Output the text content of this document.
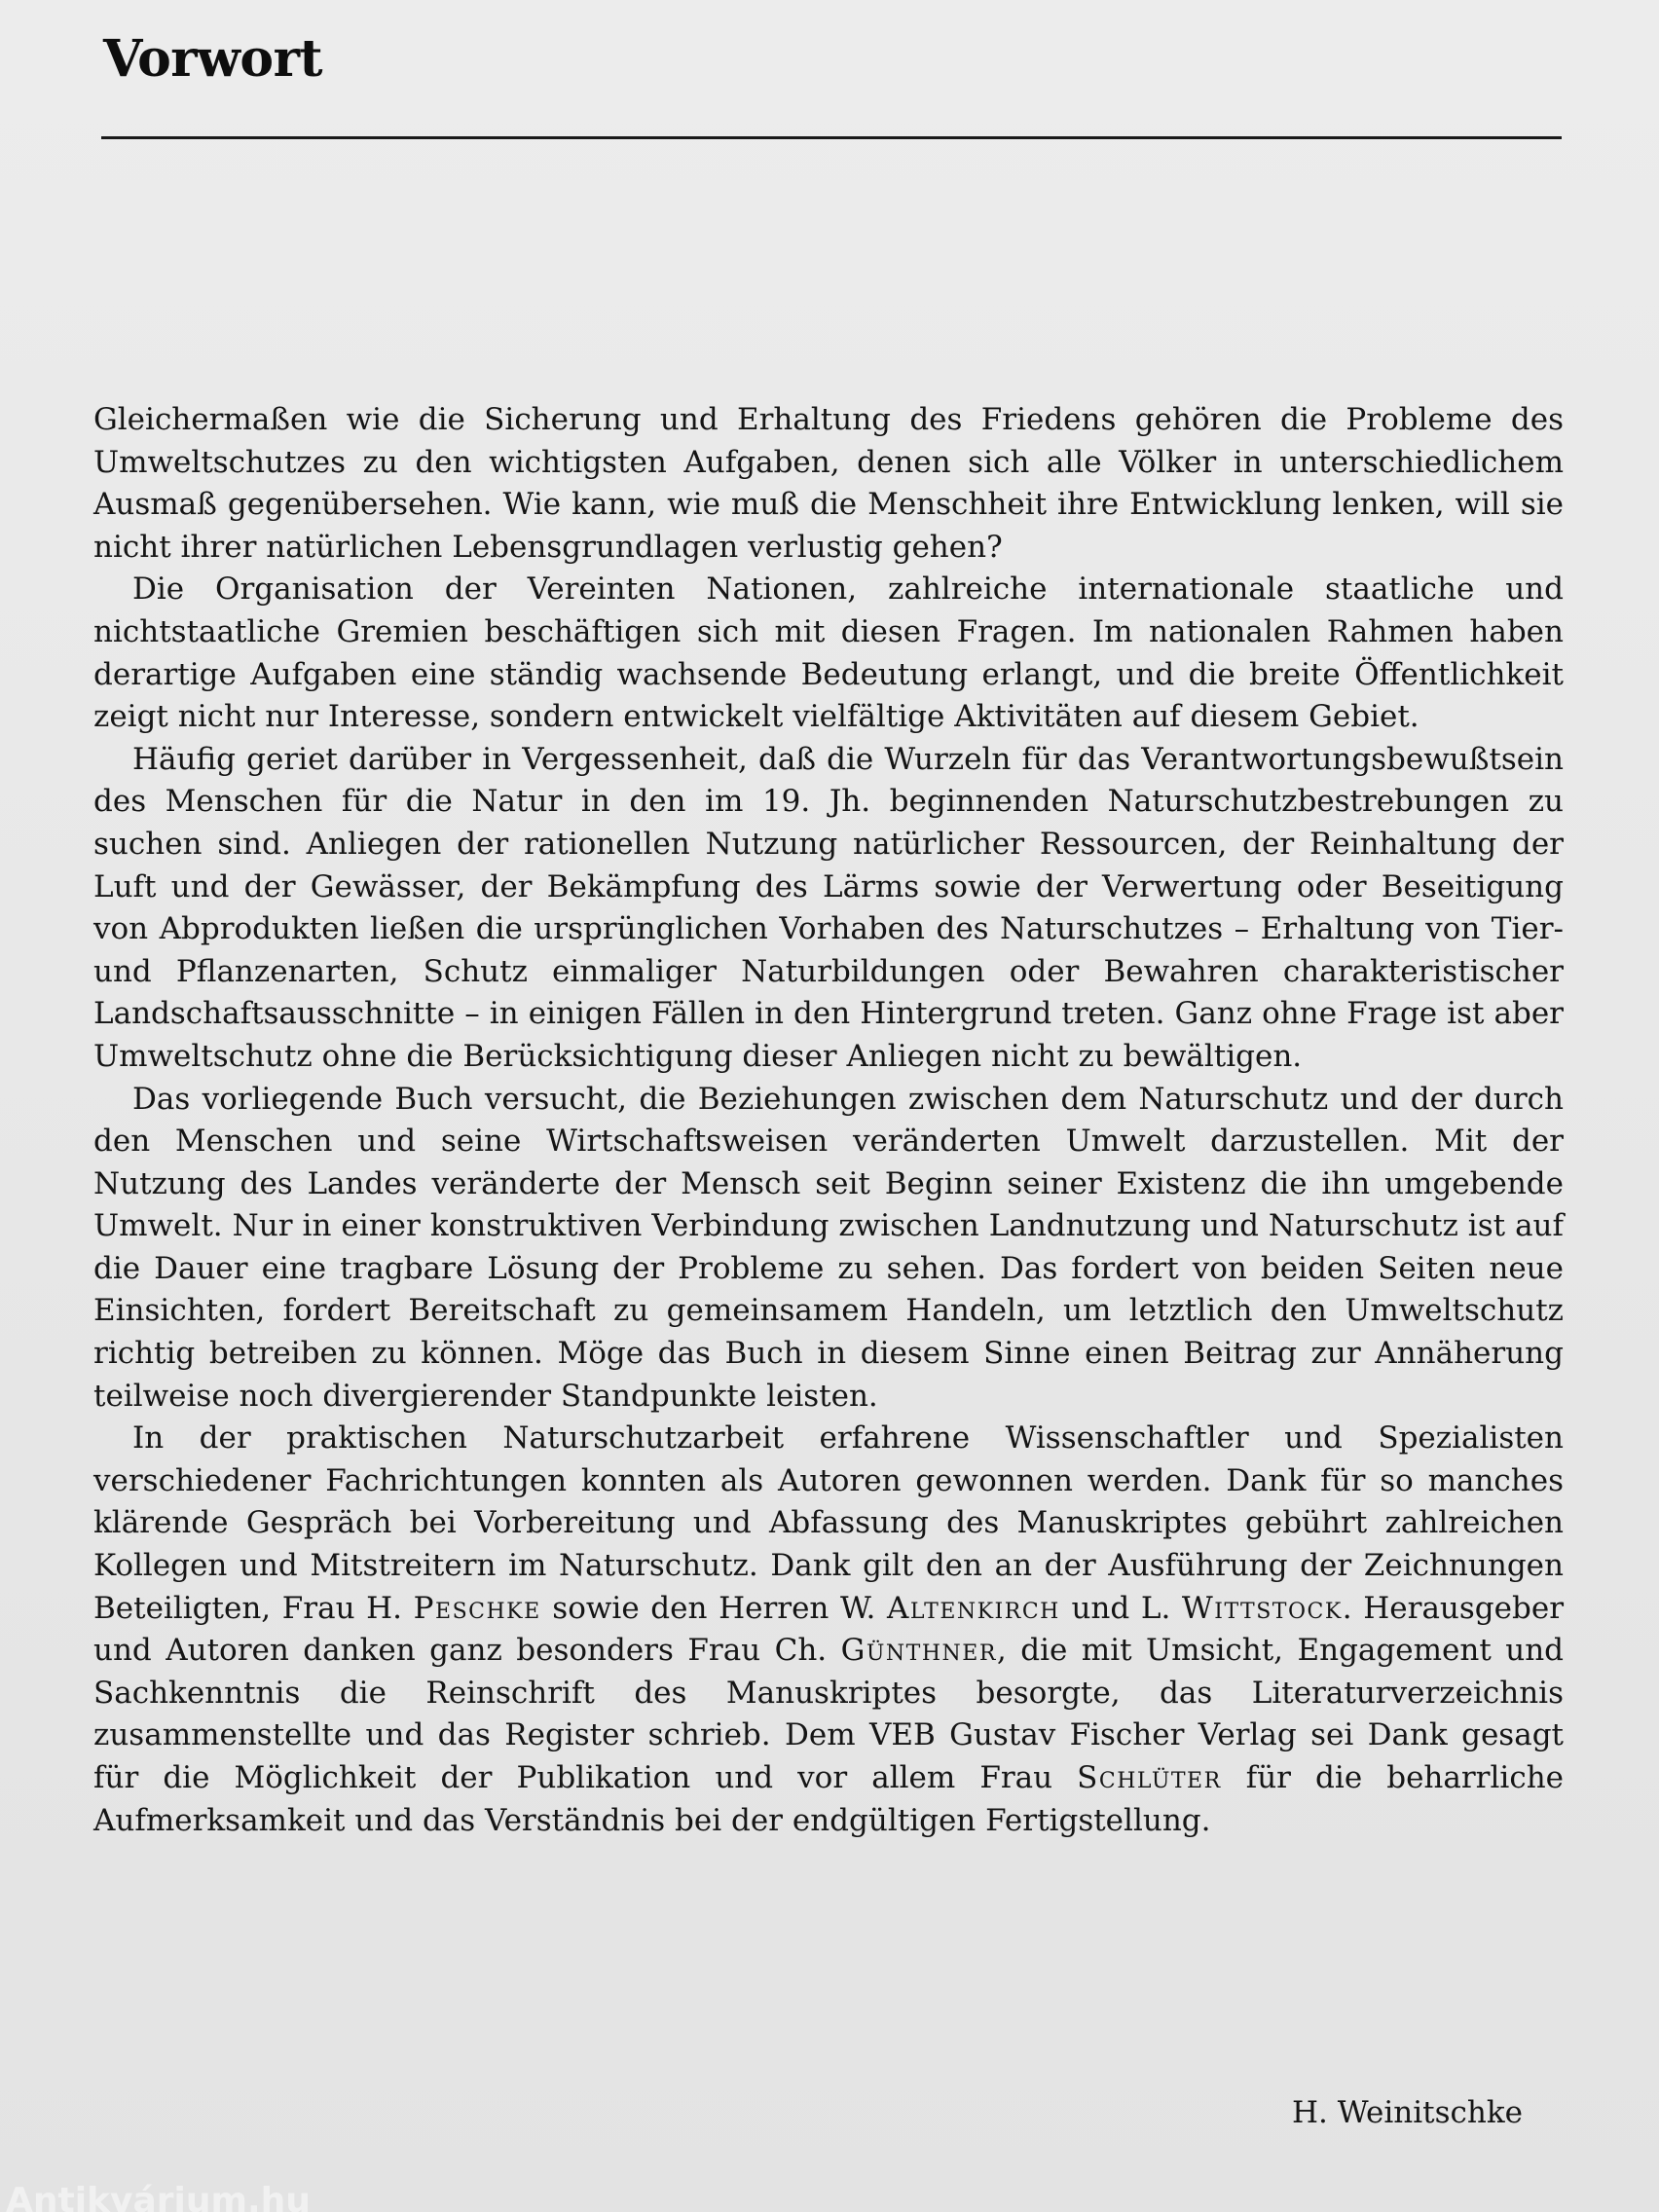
Vorwort

Gleichermaßen wie die Sicherung und Erhaltung des Friedens gehören die Probleme des Umweltschutzes zu den wichtigsten Aufgaben, denen sich alle Völker in unterschiedlichem Ausmaß gegenübersehen. Wie kann, wie muß die Menschheit ihre Entwicklung lenken, will sie nicht ihrer natürlichen Lebensgrundlagen verlustig gehen?

Die Organisation der Vereinten Nationen, zahlreiche internationale staatliche und nichtstaatliche Gremien beschäftigen sich mit diesen Fragen. Im nationalen Rahmen haben derartige Aufgaben eine ständig wachsende Bedeutung erlangt, und die breite Öffentlichkeit zeigt nicht nur Interesse, sondern entwickelt vielfältige Aktivitäten auf diesem Gebiet.

Häufig geriet darüber in Vergessenheit, daß die Wurzeln für das Verantwortungsbewußtsein des Menschen für die Natur in den im 19. Jh. beginnenden Naturschutzbestrebungen zu suchen sind. Anliegen der rationellen Nutzung natürlicher Ressourcen, der Reinhaltung der Luft und der Gewässer, der Bekämpfung des Lärms sowie der Verwertung oder Beseitigung von Abprodukten ließen die ursprünglichen Vorhaben des Naturschutzes – Erhaltung von Tier- und Pflanzenarten, Schutz einmaliger Naturbildungen oder Bewahren charakteristischer Landschaftsausschnitte – in einigen Fällen in den Hintergrund treten. Ganz ohne Frage ist aber Umweltschutz ohne die Berücksichtigung dieser Anliegen nicht zu bewältigen.

Das vorliegende Buch versucht, die Beziehungen zwischen dem Naturschutz und der durch den Menschen und seine Wirtschaftsweisen veränderten Umwelt darzustellen. Mit der Nutzung des Landes veränderte der Mensch seit Beginn seiner Existenz die ihn umgebende Umwelt. Nur in einer konstruktiven Verbindung zwischen Landnutzung und Naturschutz ist auf die Dauer eine tragbare Lösung der Probleme zu sehen. Das fordert von beiden Seiten neue Einsichten, fordert Bereitschaft zu gemeinsamem Handeln, um letztlich den Umweltschutz richtig betreiben zu können. Möge das Buch in diesem Sinne einen Beitrag zur Annäherung teilweise noch divergierender Standpunkte leisten.

In der praktischen Naturschutzarbeit erfahrene Wissenschaftler und Spezialisten verschiedener Fachrichtungen konnten als Autoren gewonnen werden. Dank für so manches klärende Gespräch bei Vorbereitung und Abfassung des Manuskriptes gebührt zahlreichen Kollegen und Mitstreitern im Naturschutz. Dank gilt den an der Ausführung der Zeichnungen Beteiligten, Frau H. Peschke sowie den Herren W. Altenkirch und L. Wittstock. Herausgeber und Autoren danken ganz besonders Frau Ch. Günthner, die mit Umsicht, Engagement und Sachkenntnis die Reinschrift des Manuskriptes besorgte, das Literaturverzeichnis zusammenstellte und das Register schrieb. Dem VEB Gustav Fischer Verlag sei Dank gesagt für die Möglichkeit der Publikation und vor allem Frau Schlüter für die beharrliche Aufmerksamkeit und das Verständnis bei der endgültigen Fertigstellung.

H. Weinitschke

Antikvárium.hu
